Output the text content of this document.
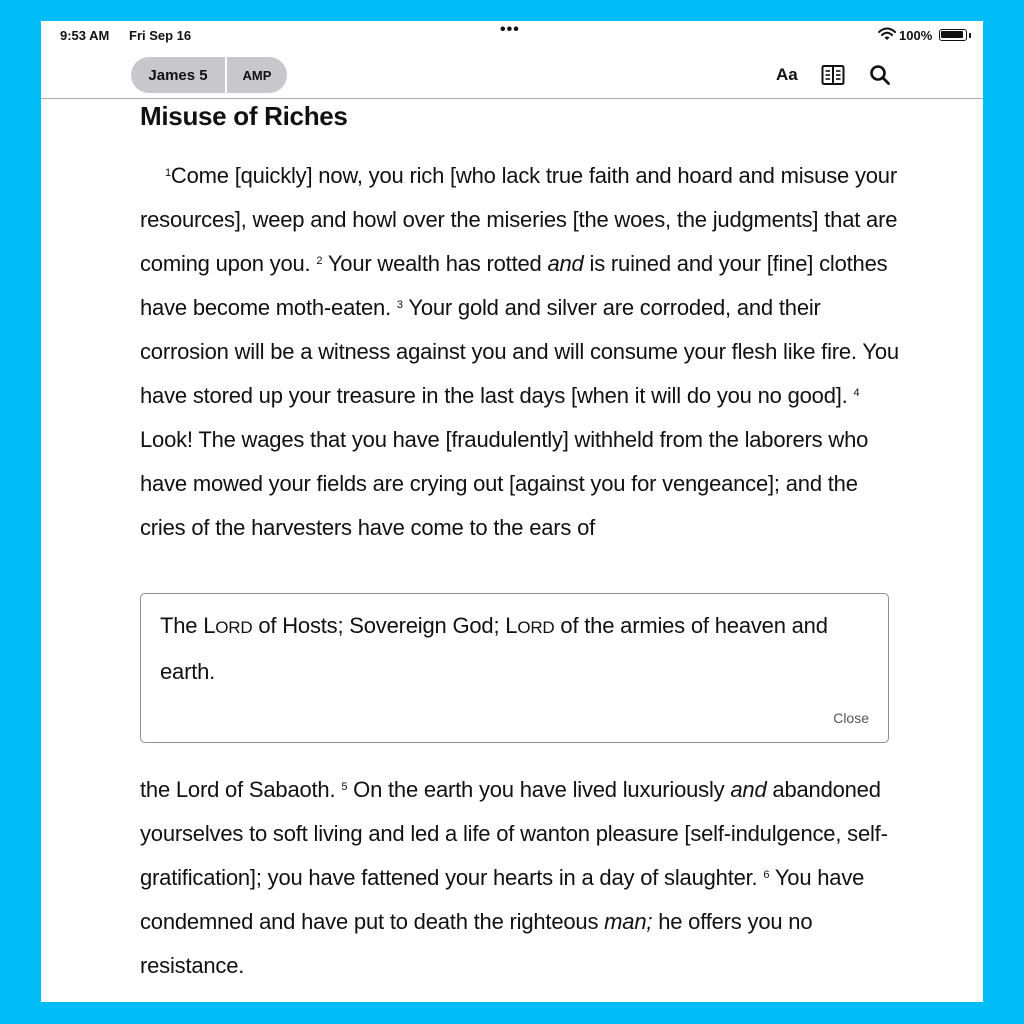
9:53 AM Fri Sep 16	•••	100%
James 5	AMP	Aa
Misuse of Riches

$^1$Come [quickly] now, you rich [who lack true faith and hoard and misuse your resources], weep and howl over the miseries [the woes, the judgments] that are coming upon you. $^2$ Your wealth has rotted and is ruined and your [fine] clothes have become moth-eaten. $^3$ Your gold and silver are corroded, and their corrosion will be a witness against you and will consume your flesh like fire. You have stored up your treasure in the last days [when it will do you no good]. $^4$ Look! The wages that you have [fraudulently] withheld from the laborers who have mowed your fields are crying out [against you for vengeance]; and the cries of the harvesters have come to the ears of

The LORD of Hosts; Sovereign God; LORD of the armies of heaven and earth.

Close

the Lord of Sabaoth. $^5$ On the earth you have lived luxuriously and abandoned yourselves to soft living and led a life of wanton pleasure [self-indulgence, self-gratification]; you have fattened your hearts in a day of slaughter. $^6$ You have condemned and have put to death the righteous man; he offers you no resistance.
